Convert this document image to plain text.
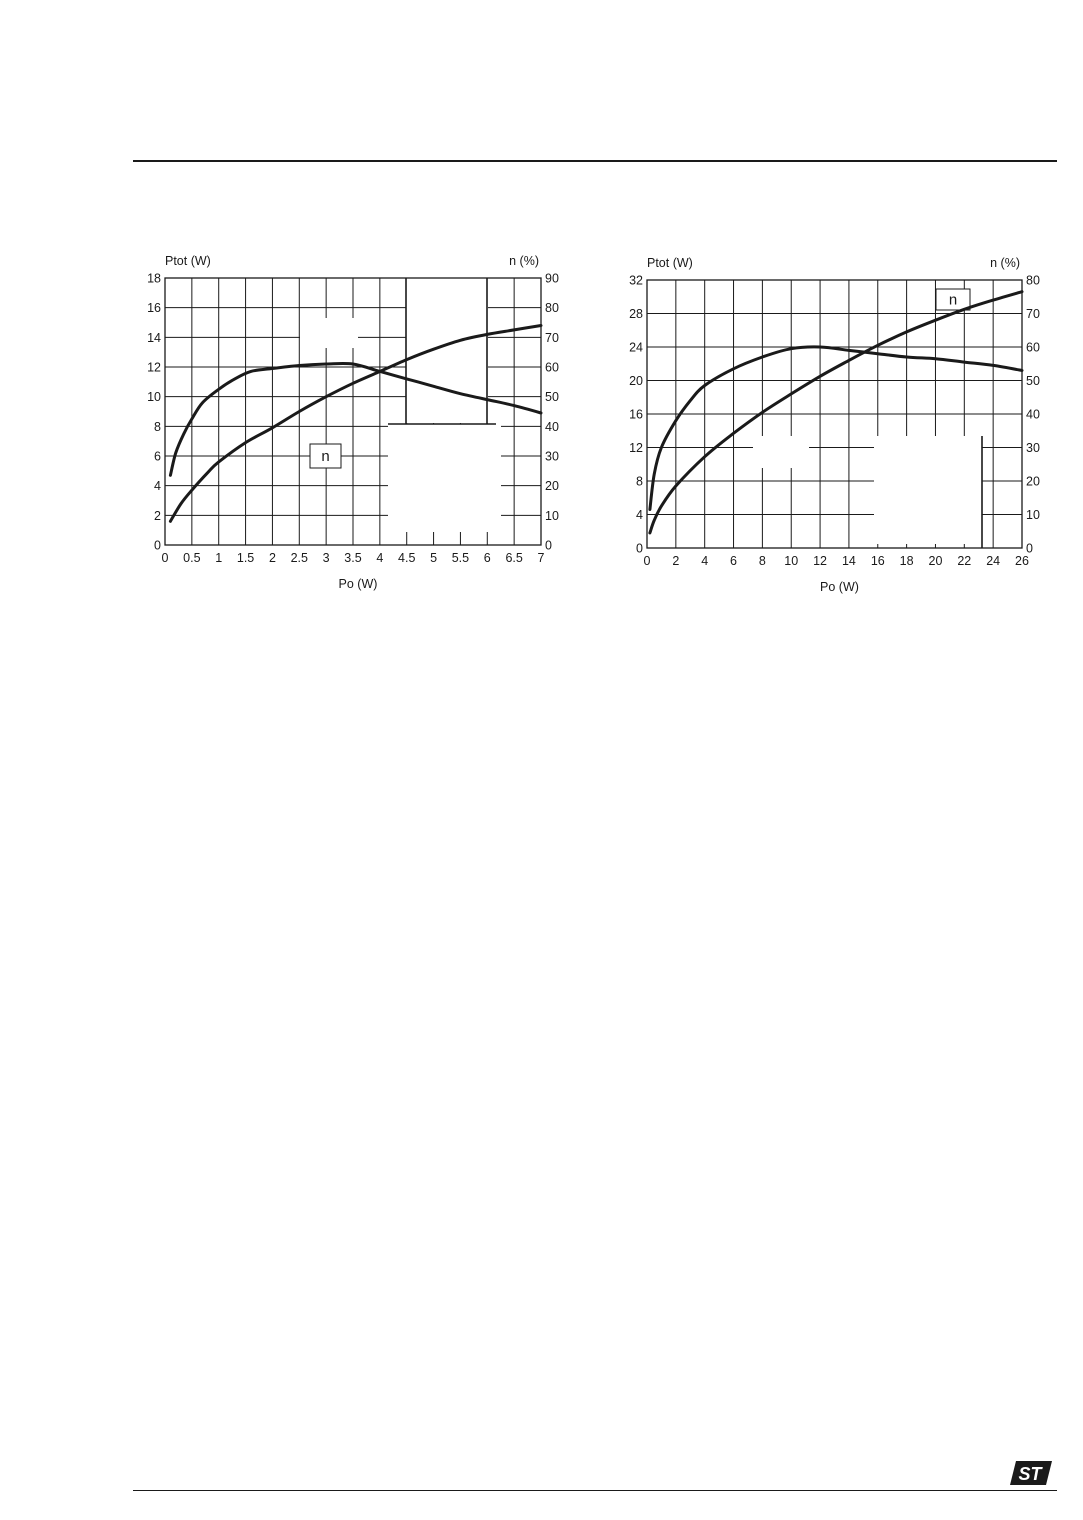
0 0.5 1 1.5 2 2.5 3 3.5 4 4.5 5 5.5 6 6.5 7
0
2
4
6
8
10
12
14
16
18
0
10
20
30
40
50
60
70
80
90
Ptot (W)	n (%)
Po (W)
n
0 2 4 6 8 10 12 14 16 18 20 22 24 26
0
4
8
12
16
20
24
28
32
0
10
20
30
40
50
60
70
80
Ptot (W)	n (%)
Po (W)
n
ST
